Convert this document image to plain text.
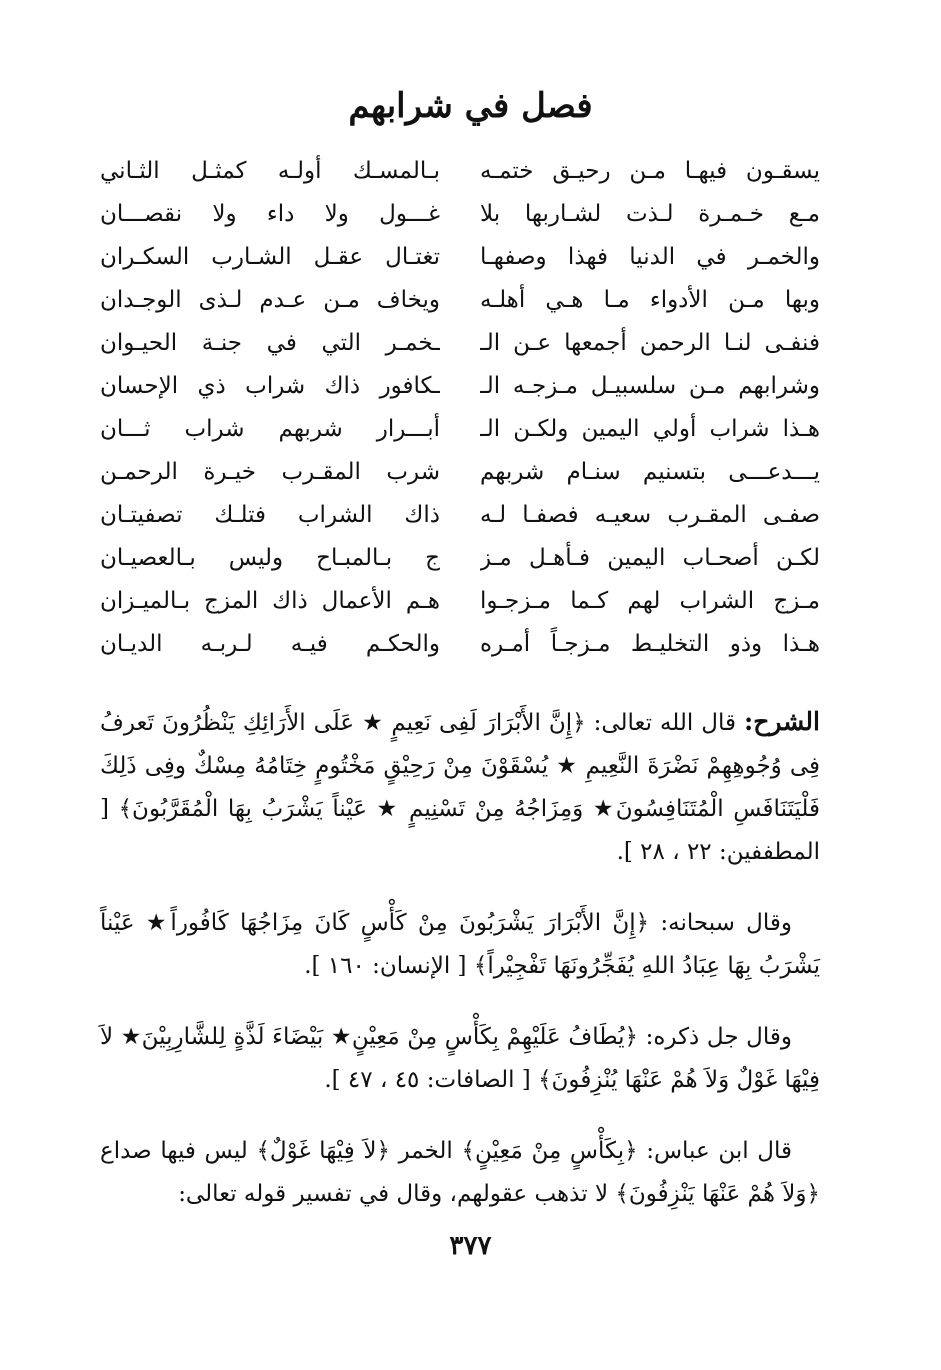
فصل في شرابهم
يسقـون فيهـا مـن رحيـق ختمـه
بـالمسـك أولـه كمثـل الثـاني
مـع خـمـرة لـذت لشـاربها بلا
غـــول ولا داء ولا نقصـــان
والخمـر في الدنيا فهذا وصفهـا
تغتـال عقـل الشـارب السكـران
وبها مـن الأدواء مـا هـي أهلـه
ويخاف مـن عـدم لـذى الوجـدان
فنفـى لنـا الرحمن أجمعها عـن الـ
ـخمـر التي في جنـة الحيـوان
وشرابهم مـن سلسبيـل مـزجـه الـ
ـكافور ذاك شراب ذي الإحسان
هـذا شراب أولي اليمين ولكـن الـ
أبـــرار شربهم شراب ثـــان
يـــدعـــى بتسنيم سنـام شربهم
شرب المقـرب خيـرة الرحمـن
صفـى المقـرب سعيـه فصفـا لـه
ذاك الشراب فتلـك تصفيتـان
لكـن أصحـاب اليمين فـأهـل مـز
ج بـالمبـاح وليس بـالعصيـان
مـزج الشراب لهم كـما مـزجـوا
هـم الأعمال ذاك المزج بـالميـزان
هـذا وذو التخليـط مـزجـاً أمـره
والحكـم فيـه لـربـه الديـان

الشرح: قال الله تعالى: ﴿إِنَّ الأَبْرَارَ لَفِى نَعِيمٍ ★ عَلَى الأَرَائِكِ يَنْظُرُونَ تَعرفُ فِى وُجُوهِهِمْ نَضْرَةَ النَّعِيمِ ★ يُسْقَوْنَ مِنْ رَحِيْقٍ مَخْتُومٍ خِتَامُهُ مِسْكٌ وفِى ذَلِكَ فَلْيَتَنَافَسِ الْمُتَنَافِسُونَ★ وَمِزَاجُهُ مِنْ تَسْنِيمٍ ★ عَيْناً يَشْرَبُ بِهَا الْمُقَرَّبُونَ﴾ [ المطففين: ٢٢ ، ٢٨ ].

وقال سبحانه: ﴿إِنَّ الأَبْرَارَ يَشْرَبُونَ مِنْ كَأْسٍ كَانَ مِزَاجُهَا كَافُوراً★ عَيْناً يَشْرَبُ بِهَا عِبَادُ اللهِ يُفَجِّرُونَهَا تَفْجِيْراً﴾ [ الإنسان: ١٦٠ ].

وقال جل ذكره: ﴿يُطَافُ عَلَيْهِمْ بِكَأْسٍ مِنْ مَعِيْنٍ★ بَيْضَاءَ لَذَّةٍ لِلشَّارِبِيْنَ★ لاَ فِيْهَا غَوْلٌ وَلاَ هُمْ عَنْهَا يُنْزِفُونَ﴾ [ الصافات: ٤٥ ، ٤٧ ].

قال ابن عباس: ﴿بِكَأْسٍ مِنْ مَعِيْنٍ﴾ الخمر ﴿لاَ فِيْهَا غَوْلٌ﴾ ليس فيها صداع ﴿وَلاَ هُمْ عَنْهَا يَنْزِفُونَ﴾ لا تذهب عقولهم، وقال في تفسير قوله تعالى:

٣٧٧
